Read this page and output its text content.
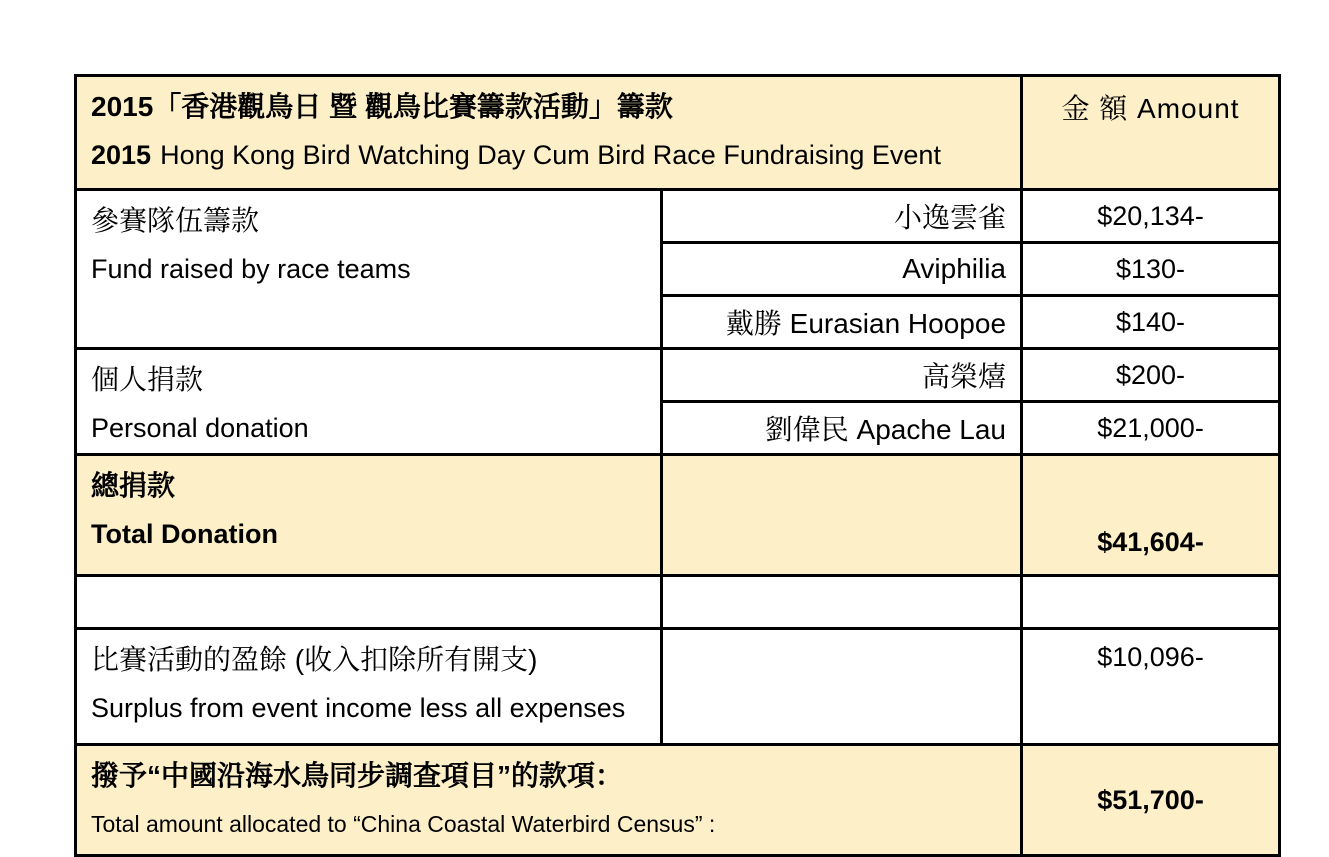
2015「香港觀鳥日 暨 觀鳥比賽籌款活動」籌款
2015 Hong Kong Bird Watching Day Cum Bird Race Fundraising Event		金 額 Amount

參賽隊伍籌款
Fund raised by race teams	小逸雲雀	$20,134-
	Aviphilia	$130-
	戴勝 Eurasian Hoopoe	$140-

個人捐款
Personal donation	高榮熺	$200-
	劉偉民 Apache Lau	$21,000-

總捐款
Total Donation		$41,604-

比賽活動的盈餘 (收入扣除所有開支)
Surplus from event income less all expenses		$10,096-

撥予“中國沿海水鳥同步調查項目”的款項：
Total amount allocated to “China Coastal Waterbird Census” :		$51,700-
